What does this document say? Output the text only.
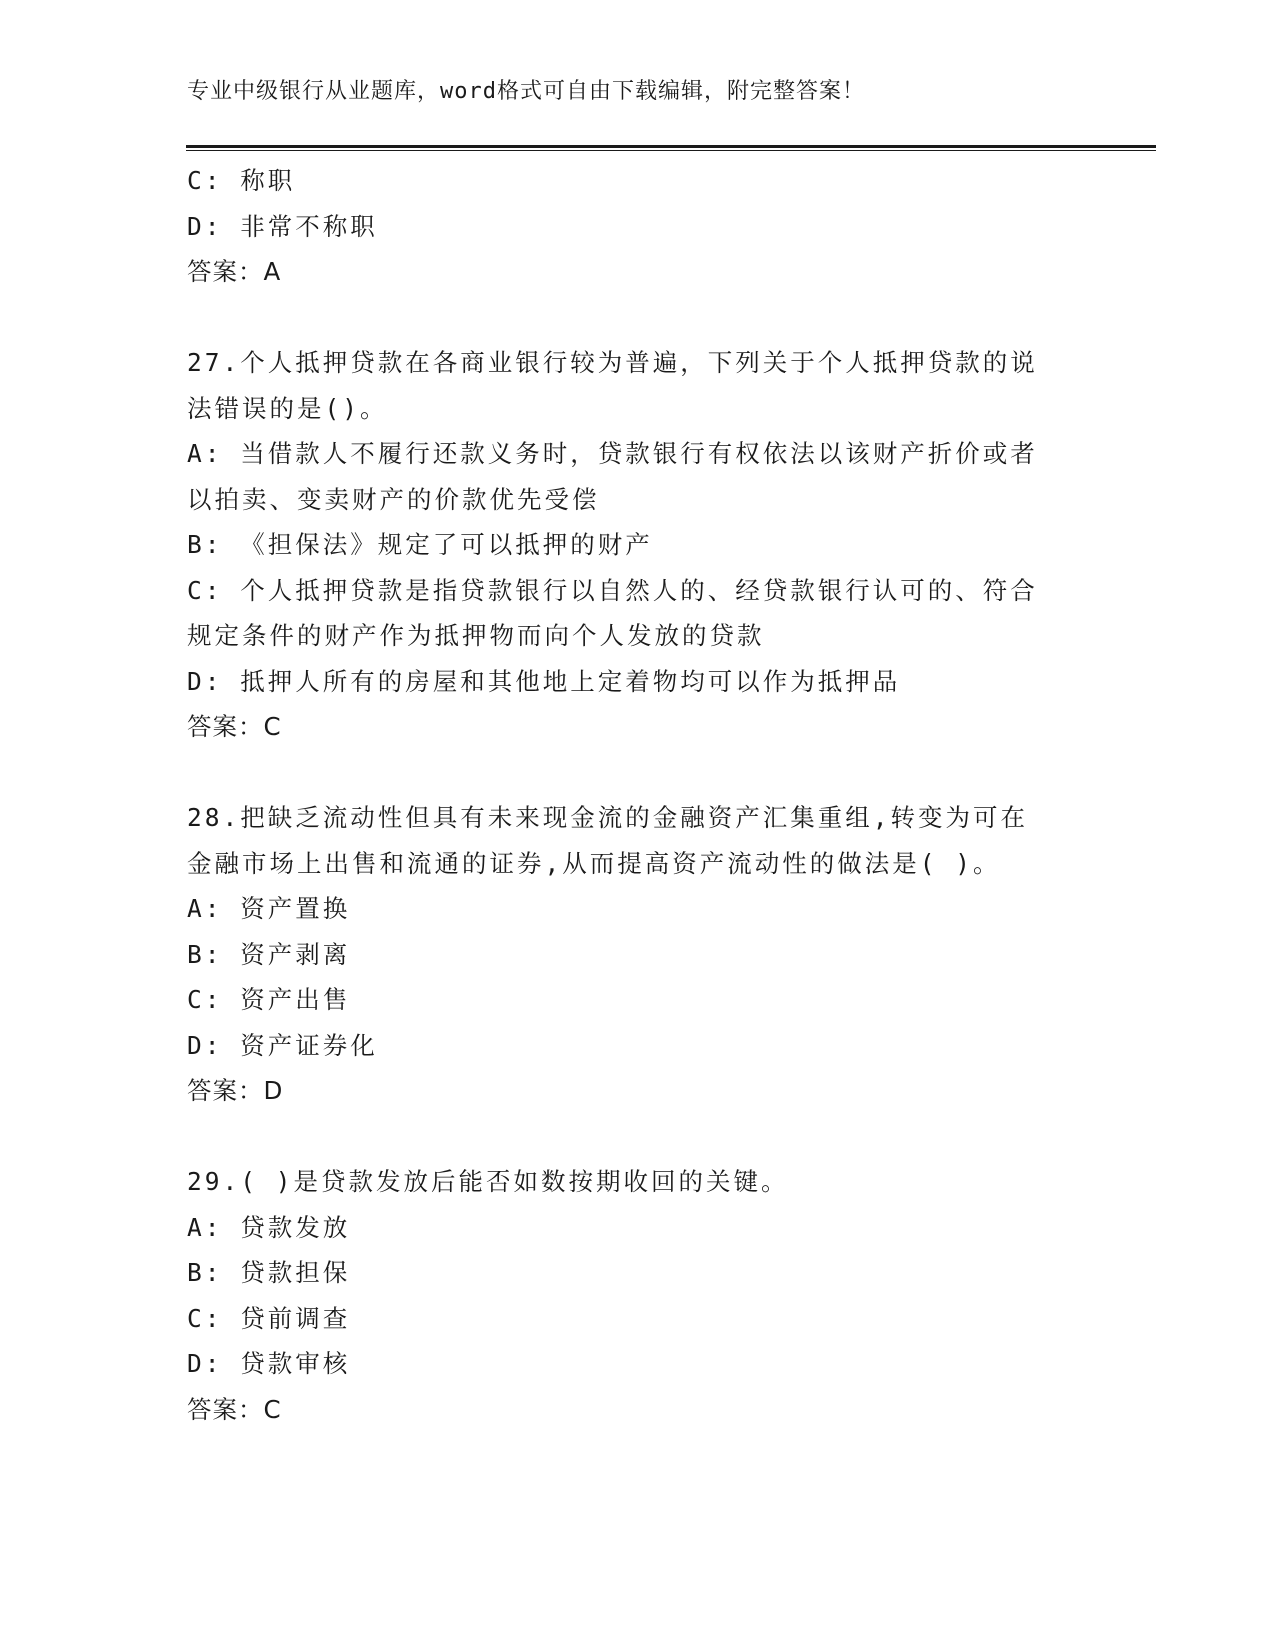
专业中级银行从业题库，word格式可自由下载编辑，附完整答案！
C: 称职
D: 非常不称职
答案：A
27.个人抵押贷款在各商业银行较为普遍，下列关于个人抵押贷款的说
法错误的是()。
A: 当借款人不履行还款义务时，贷款银行有权依法以该财产折价或者
以拍卖、变卖财产的价款优先受偿
B: 《担保法》规定了可以抵押的财产
C: 个人抵押贷款是指贷款银行以自然人的、经贷款银行认可的、符合
规定条件的财产作为抵押物而向个人发放的贷款
D: 抵押人所有的房屋和其他地上定着物均可以作为抵押品
答案：C
28.把缺乏流动性但具有未来现金流的金融资产汇集重组,转变为可在
金融市场上出售和流通的证券,从而提高资产流动性的做法是( )。
A: 资产置换
B: 资产剥离
C: 资产出售
D: 资产证券化
答案：D
29.( )是贷款发放后能否如数按期收回的关键。
A: 贷款发放
B: 贷款担保
C: 贷前调查
D: 贷款审核
答案：C
